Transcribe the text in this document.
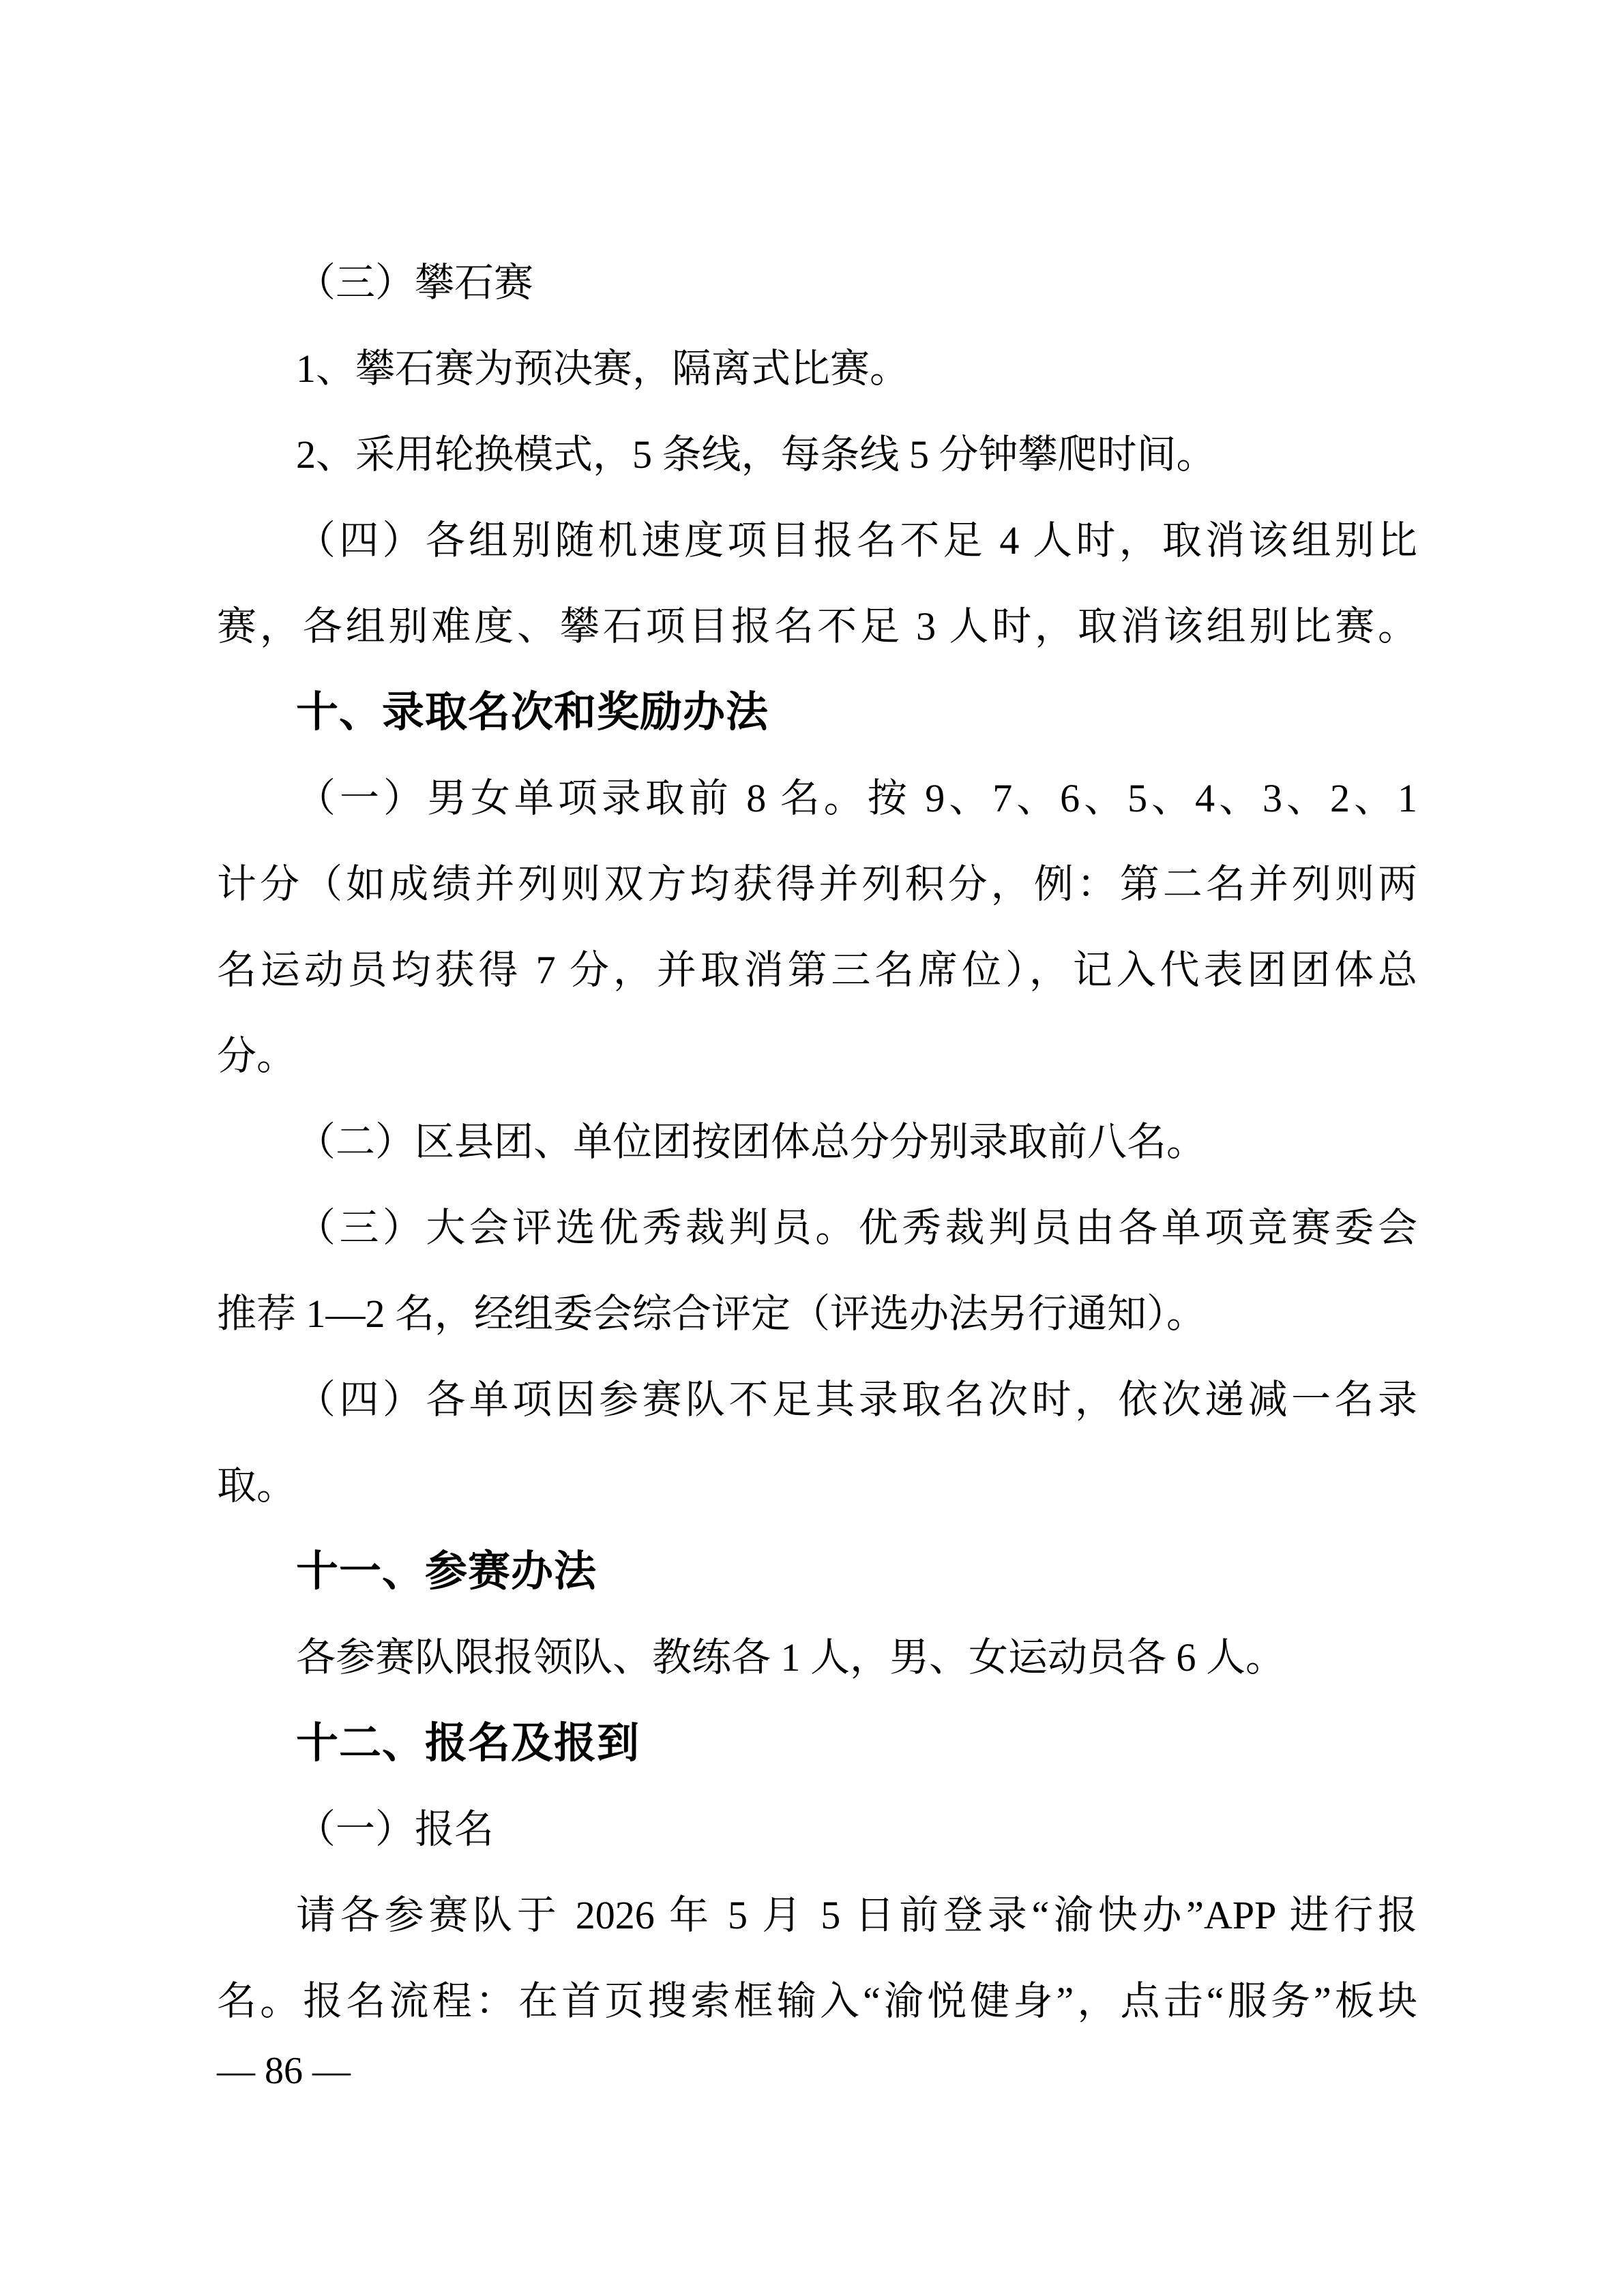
（三）攀石赛
1、攀石赛为预决赛，隔离式比赛。
2、采用轮换模式，5 条线，每条线 5 分钟攀爬时间。
（四）各组别随机速度项目报名不足 4 人时，取消该组别比
赛，各组别难度、攀石项目报名不足 3 人时，取消该组别比赛。
十、录取名次和奖励办法
（一）男女单项录取前 8 名。按 9、7、6、5、4、3、2、1
计分（如成绩并列则双方均获得并列积分，例：第二名并列则两
名运动员均获得 7 分，并取消第三名席位），记入代表团团体总
分。
（二）区县团、单位团按团体总分分别录取前八名。
（三）大会评选优秀裁判员。优秀裁判员由各单项竞赛委会
推荐 1—2 名，经组委会综合评定（评选办法另行通知）。
（四）各单项因参赛队不足其录取名次时，依次递减一名录
取。
十一、参赛办法
各参赛队限报领队、教练各 1 人，男、女运动员各 6 人。
十二、报名及报到
（一）报名
请各参赛队于 2026 年 5 月 5 日前登录“渝快办”APP 进行报
名。报名流程：在首页搜索框输入“渝悦健身”，点击“服务”板块
— 86 —
